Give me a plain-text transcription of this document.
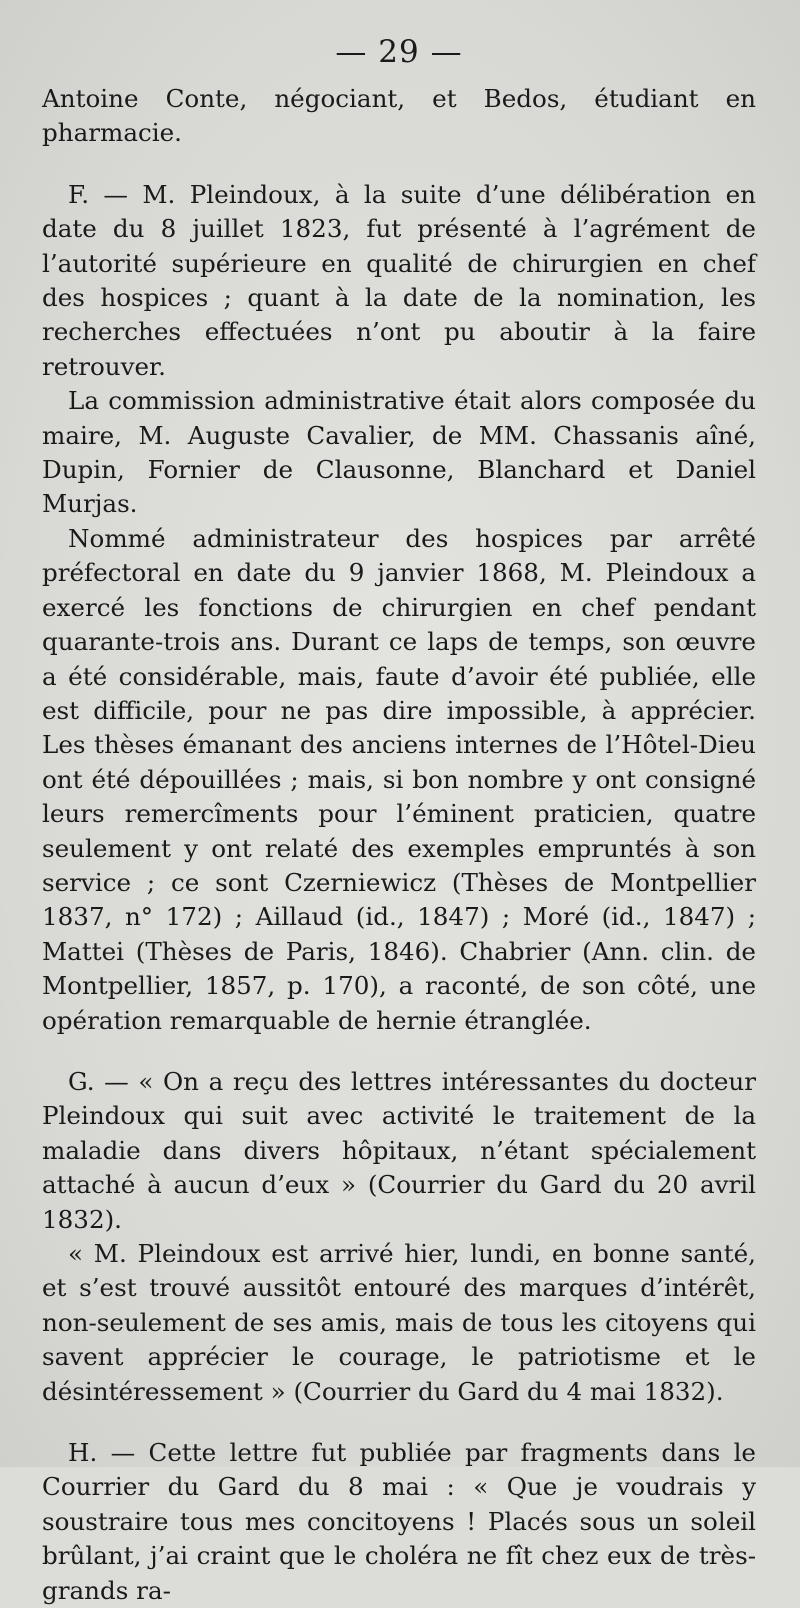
— 29 —

Antoine Conte, négociant, et Bedos, étudiant en pharmacie.

F. — M. Pleindoux, à la suite d’une délibération en date du 8 juillet 1823, fut présenté à l’agrément de l’autorité supérieure en qualité de chirurgien en chef des hospices ; quant à la date de la nomination, les recherches effectuées n’ont pu aboutir à la faire retrouver.

La commission administrative était alors composée du maire, M. Auguste Cavalier, de MM. Chassanis aîné, Dupin, Fornier de Clausonne, Blanchard et Daniel Murjas.

Nommé administrateur des hospices par arrêté préfectoral en date du 9 janvier 1868, M. Pleindoux a exercé les fonctions de chirurgien en chef pendant quarante-trois ans. Durant ce laps de temps, son œuvre a été considérable, mais, faute d’avoir été publiée, elle est difficile, pour ne pas dire impossible, à apprécier. Les thèses émanant des anciens internes de l’Hôtel-Dieu ont été dépouillées ; mais, si bon nombre y ont consigné leurs remercîments pour l’éminent praticien, quatre seulement y ont relaté des exemples empruntés à son service ; ce sont Czerniewicz (Thèses de Montpellier 1837, n° 172) ; Aillaud (id., 1847) ; Moré (id., 1847) ; Mattei (Thèses de Paris, 1846). Chabrier (Ann. clin. de Montpellier, 1857, p. 170), a raconté, de son côté, une opération remarquable de hernie étranglée.

G. — « On a reçu des lettres intéressantes du docteur Pleindoux qui suit avec activité le traitement de la maladie dans divers hôpitaux, n’étant spécialement attaché à aucun d’eux » (Courrier du Gard du 20 avril 1832).

« M. Pleindoux est arrivé hier, lundi, en bonne santé, et s’est trouvé aussitôt entouré des marques d’intérêt, non-seulement de ses amis, mais de tous les citoyens qui savent apprécier le courage, le patriotisme et le désintéressement » (Courrier du Gard du 4 mai 1832).

H. — Cette lettre fut publiée par fragments dans le Courrier du Gard du 8 mai : « Que je voudrais y soustraire tous mes concitoyens ! Placés sous un soleil brûlant, j’ai craint que le choléra ne fît chez eux de très-grands ra-
